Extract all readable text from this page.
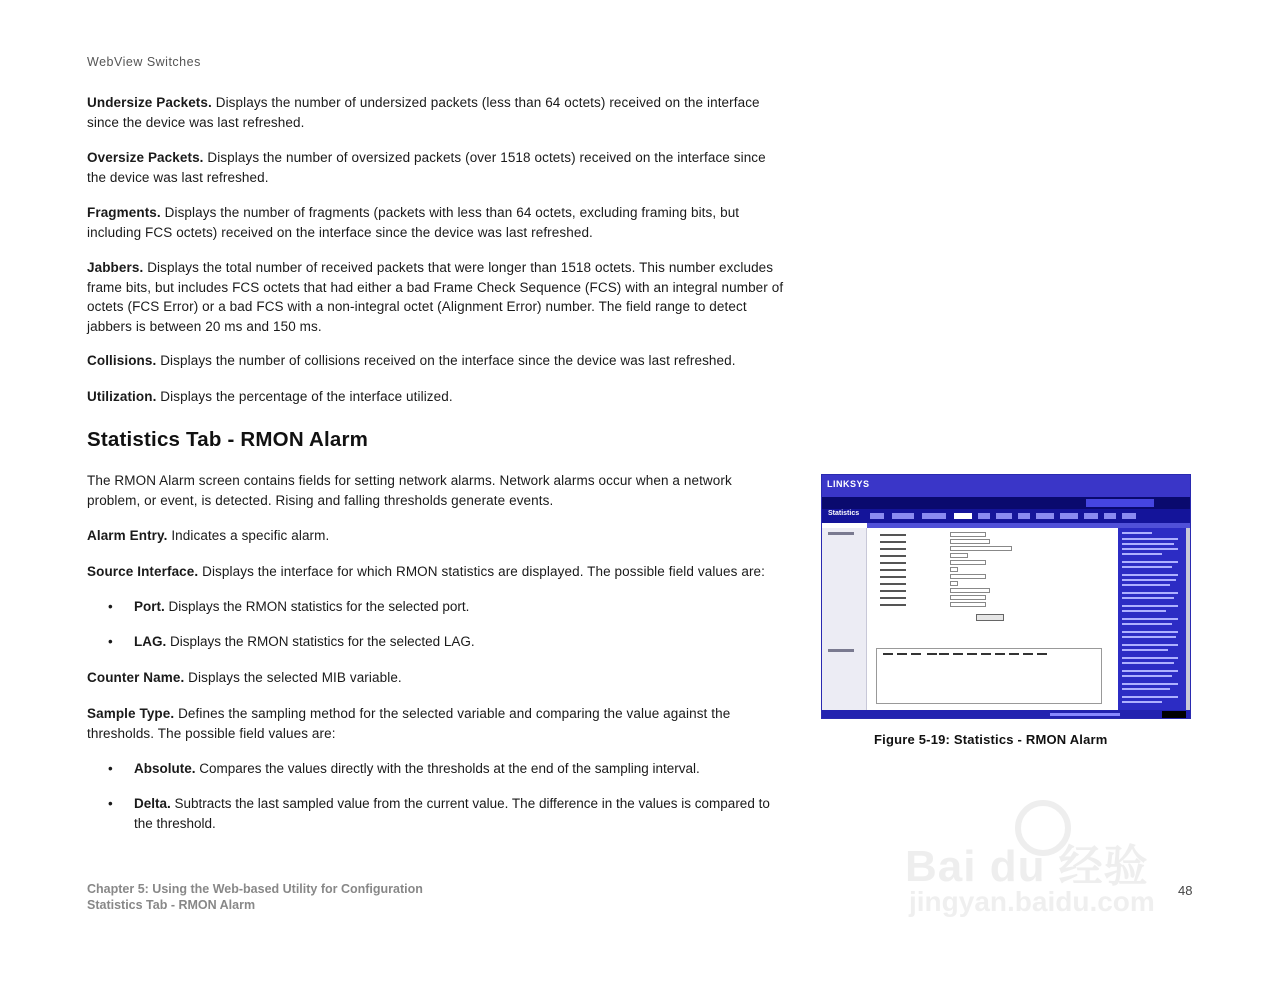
WebView Switches

Undersize Packets. Displays the number of undersized packets (less than 64 octets) received on the interface since the device was last refreshed.

Oversize Packets. Displays the number of oversized packets (over 1518 octets) received on the interface since the device was last refreshed.

Fragments. Displays the number of fragments (packets with less than 64 octets, excluding framing bits, but including FCS octets) received on the interface since the device was last refreshed.

Jabbers. Displays the total number of received packets that were longer than 1518 octets. This number excludes frame bits, but includes FCS octets that had either a bad Frame Check Sequence (FCS) with an integral number of octets (FCS Error) or a bad FCS with a non-integral octet (Alignment Error) number. The field range to detect jabbers is between 20 ms and 150 ms.

Collisions. Displays the number of collisions received on the interface since the device was last refreshed.

Utilization. Displays the percentage of the interface utilized.

Statistics Tab - RMON Alarm

The RMON Alarm screen contains fields for setting network alarms. Network alarms occur when a network problem, or event, is detected. Rising and falling thresholds generate events.

Alarm Entry. Indicates a specific alarm.

Source Interface. Displays the interface for which RMON statistics are displayed. The possible field values are:

•	Port. Displays the RMON statistics for the selected port.
•	LAG. Displays the RMON statistics for the selected LAG.

Counter Name. Displays the selected MIB variable.

Sample Type. Defines the sampling method for the selected variable and comparing the value against the thresholds. The possible field values are:

•	Absolute. Compares the values directly with the thresholds at the end of the sampling interval.
•	Delta. Subtracts the last sampled value from the current value. The difference in the values is compared to the threshold.
LINKSYS
Statistics
Figure 5-19: Statistics - RMON Alarm
Chapter 5: Using the Web-based Utility for Configuration
Statistics Tab - RMON Alarm
48
Bai du 经验
jingyan.baidu.com
